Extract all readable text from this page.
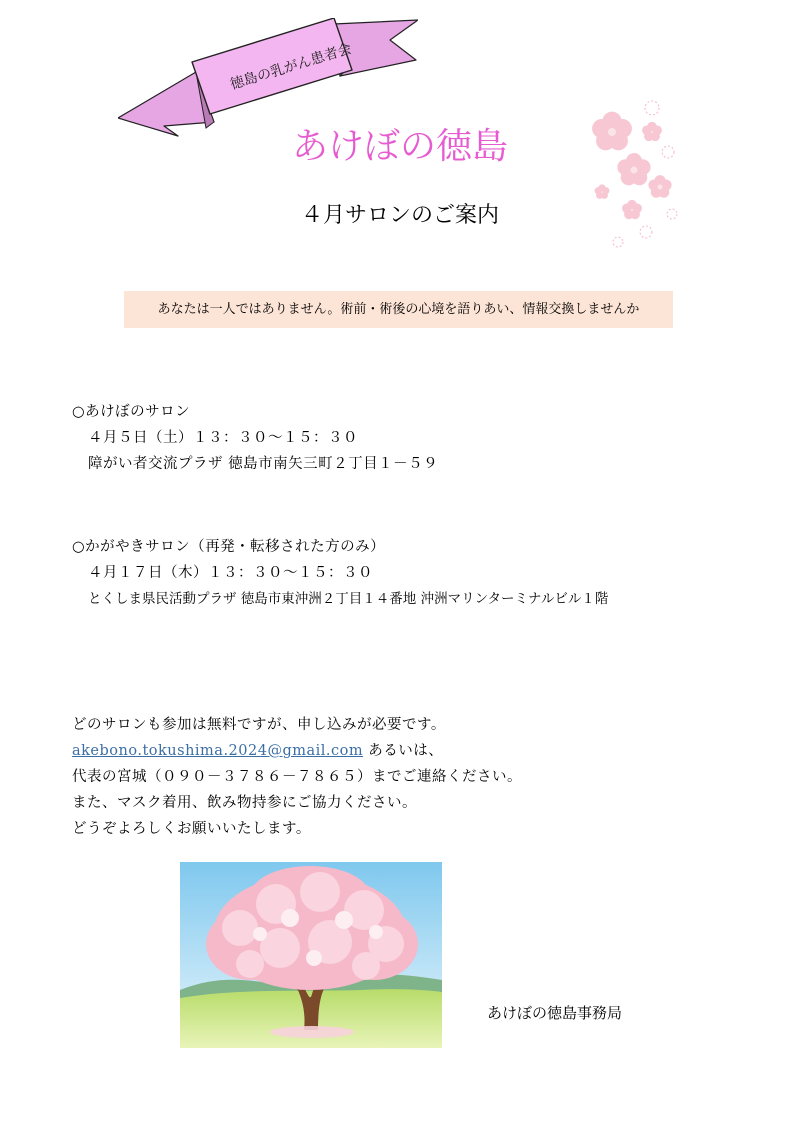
徳島の乳がん患者会
あけぼの徳島
４月サロンのご案内
あなたは一人ではありません。術前・術後の心境を語りあい、情報交換しませんか
○あけぼのサロン
４月５日（土）１３：３０～１５：３０
障がい者交流プラザ 徳島市南矢三町２丁目１－５９
○かがやきサロン（再発・転移された方のみ）
４月１７日（木）１３：３０～１５：３０
とくしま県民活動プラザ 徳島市東沖洲２丁目１４番地 沖洲マリンターミナルビル１階
どのサロンも参加は無料ですが、申し込みが必要です。
akebono.tokushima.2024@gmail.com あるいは、
代表の宮城（０９０－３７８６－７８６５）までご連絡ください。
また、マスク着用、飲み物持参にご協力ください。
どうぞよろしくお願いいたします。
あけぼの徳島事務局
